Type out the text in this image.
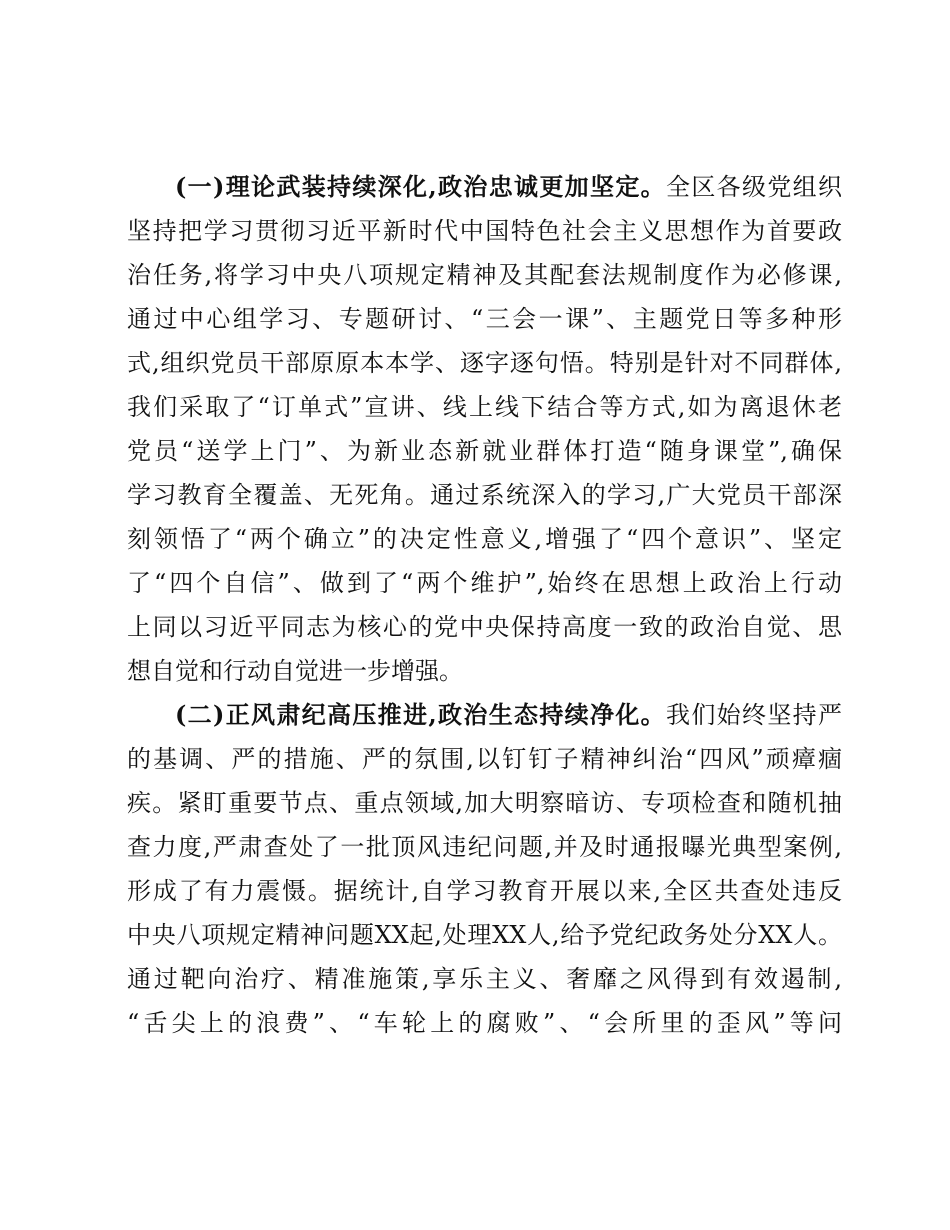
(一)理论武装持续深化,政治忠诚更加坚定。全区各级党组织
坚持把学习贯彻习近平新时代中国特色社会主义思想作为首要政
治任务,将学习中央八项规定精神及其配套法规制度作为必修课,
通过中心组学习、专题研讨、“三会一课”、主题党日等多种形
式,组织党员干部原原本本学、逐字逐句悟。特别是针对不同群体,
我们采取了“订单式”宣讲、线上线下结合等方式,如为离退休老
党员“送学上门”、为新业态新就业群体打造“随身课堂”,确保
学习教育全覆盖、无死角。通过系统深入的学习,广大党员干部深
刻领悟了“两个确立”的决定性意义,增强了“四个意识”、坚定
了“四个自信”、做到了“两个维护”,始终在思想上政治上行动
上同以习近平同志为核心的党中央保持高度一致的政治自觉、思
想自觉和行动自觉进一步增强。
(二)正风肃纪高压推进,政治生态持续净化。我们始终坚持严
的基调、严的措施、严的氛围,以钉钉子精神纠治“四风”顽瘴痼
疾。紧盯重要节点、重点领域,加大明察暗访、专项检查和随机抽
查力度,严肃查处了一批顶风违纪问题,并及时通报曝光典型案例,
形成了有力震慑。据统计,自学习教育开展以来,全区共查处违反
中央八项规定精神问题XX起,处理XX人,给予党纪政务处分XX人。
通过靶向治疗、精准施策,享乐主义、奢靡之风得到有效遏制,
“舌尖上的浪费”、“车轮上的腐败”、“会所里的歪风”等问
